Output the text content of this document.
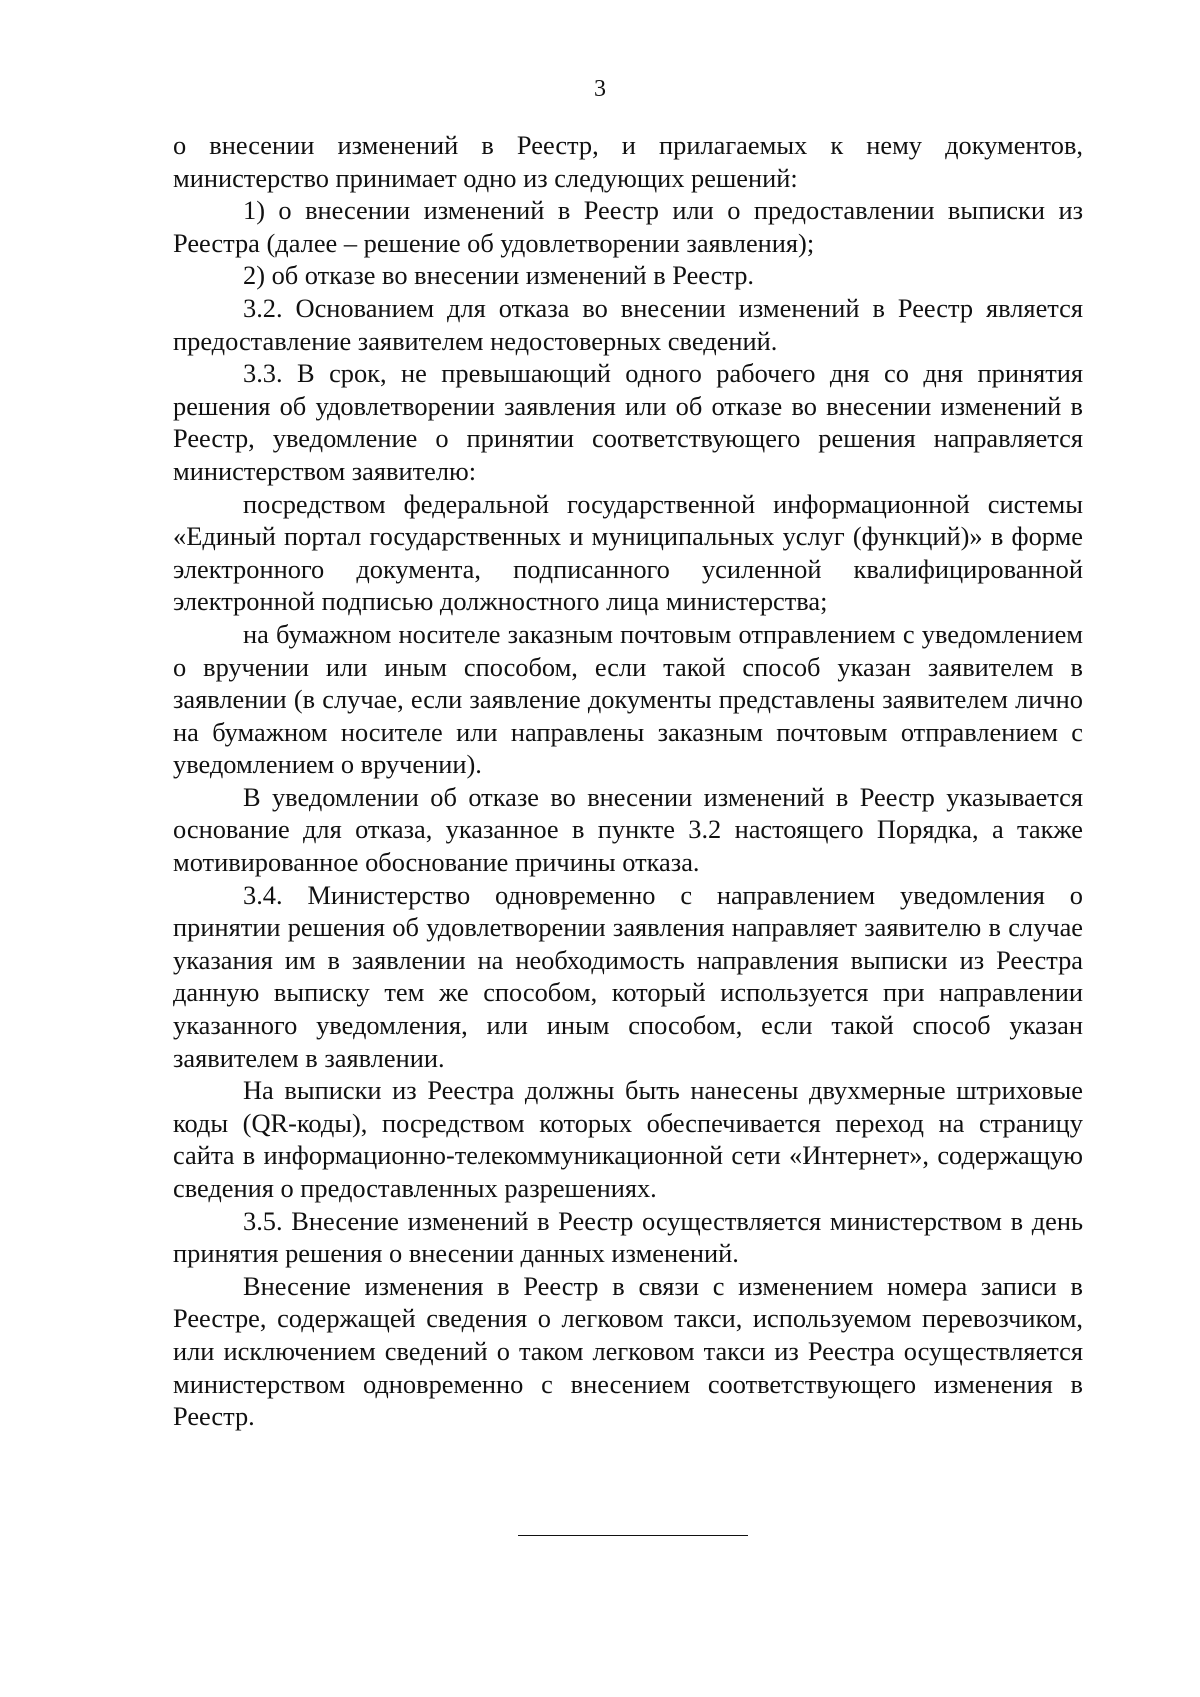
3

о внесении изменений в Реестр, и прилагаемых к нему документов, министерство принимает одно из следующих решений:

1) о внесении изменений в Реестр или о предоставлении выписки из Реестра (далее – решение об удовлетворении заявления);

2) об отказе во внесении изменений в Реестр.

3.2. Основанием для отказа во внесении изменений в Реестр является предоставление заявителем недостоверных сведений.

3.3. В срок, не превышающий одного рабочего дня со дня принятия решения об удовлетворении заявления или об отказе во внесении изменений в Реестр, уведомление о принятии соответствующего решения направляется министерством заявителю:

посредством федеральной государственной информационной системы «Единый портал государственных и муниципальных услуг (функций)» в форме электронного документа, подписанного усиленной квалифицированной электронной подписью должностного лица министерства;

на бумажном носителе заказным почтовым отправлением с уведомлением о вручении или иным способом, если такой способ указан заявителем в заявлении (в случае, если заявление документы представлены заявителем лично на бумажном носителе или направлены заказным почтовым отправлением с уведомлением о вручении).

В уведомлении об отказе во внесении изменений в Реестр указывается основание для отказа, указанное в пункте 3.2 настоящего Порядка, а также мотивированное обоснование причины отказа.

3.4. Министерство одновременно с направлением уведомления о принятии решения об удовлетворении заявления направляет заявителю в случае указания им в заявлении на необходимость направления выписки из Реестра данную выписку тем же способом, который используется при направлении указанного уведомления, или иным способом, если такой способ указан заявителем в заявлении.

На выписки из Реестра должны быть нанесены двухмерные штриховые коды (QR-коды), посредством которых обеспечивается переход на страницу сайта в информационно-телекоммуникационной сети «Интернет», содержащую сведения о предоставленных разрешениях.

3.5. Внесение изменений в Реестр осуществляется министерством в день принятия решения о внесении данных изменений.

Внесение изменения в Реестр в связи с изменением номера записи в Реестре, содержащей сведения о легковом такси, используемом перевозчиком, или исключением сведений о таком легковом такси из Реестра осуществляется министерством одновременно с внесением соответствующего изменения в Реестр.
